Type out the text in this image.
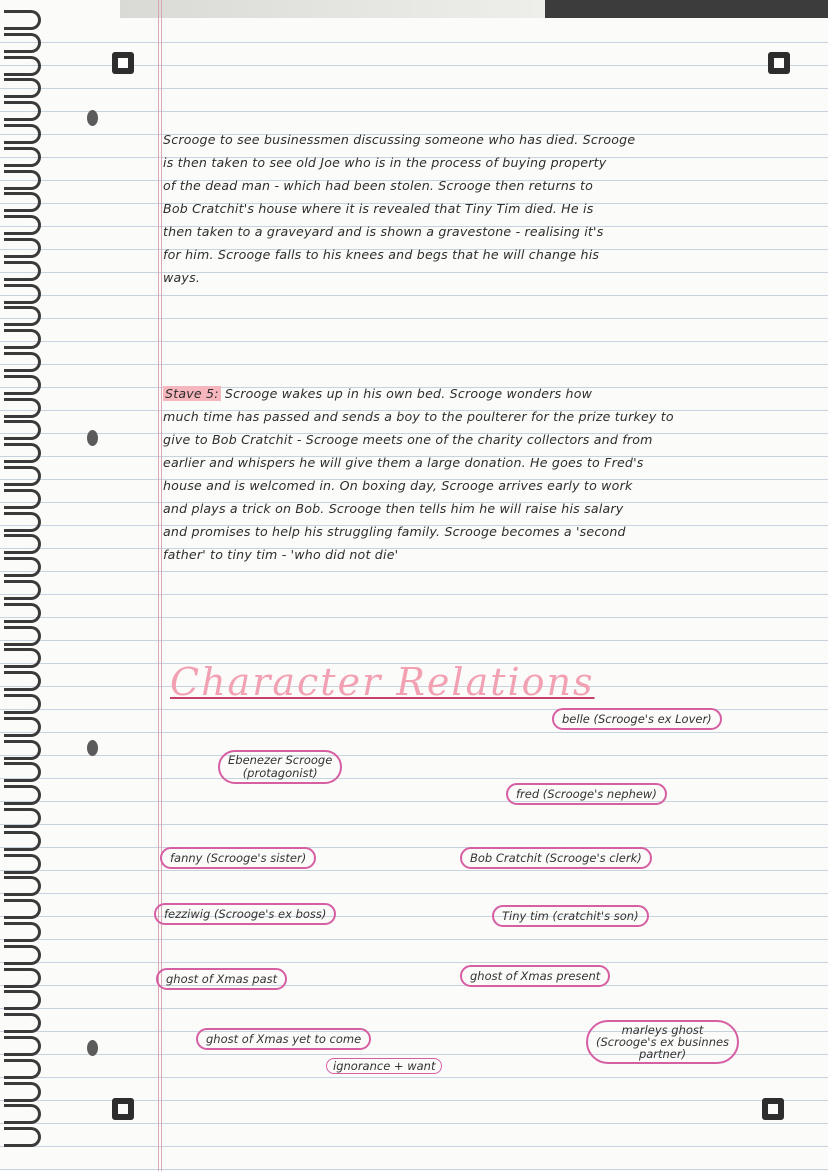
Scrooge to see businessmen discussing someone who has died. Scrooge
is then taken to see old Joe who is in the process of buying property
of the dead man - which had been stolen. Scrooge then returns to
Bob Cratchit's house where it is revealed that Tiny Tim died. He is
then taken to a graveyard and is shown a gravestone - realising it's
for him. Scrooge falls to his knees and begs that he will change his
ways.
Stave 5: Scrooge wakes up in his own bed. Scrooge wonders how
much time has passed and sends a boy to the poulterer for the prize turkey to
give to Bob Cratchit - Scrooge meets one of the charity collectors and from
earlier and whispers he will give them a large donation. He goes to Fred's
house and is welcomed in. On boxing day, Scrooge arrives early to work
and plays a trick on Bob. Scrooge then tells him he will raise his salary
and promises to help his struggling family. Scrooge becomes a 'second
father' to tiny tim - 'who did not die'
Character Relations
belle (Scrooge's ex Lover)
Ebenezer Scrooge
(protagonist)
fred (Scrooge's nephew)
fanny (Scrooge's sister)	Bob Cratchit (Scrooge's clerk)
fezziwig (Scrooge's ex boss)	Tiny tim (cratchit's son)
ghost of Xmas past	ghost of Xmas present
ghost of Xmas yet to come
ignorance + want
marleys ghost
(Scrooge's ex businnes
partner)
